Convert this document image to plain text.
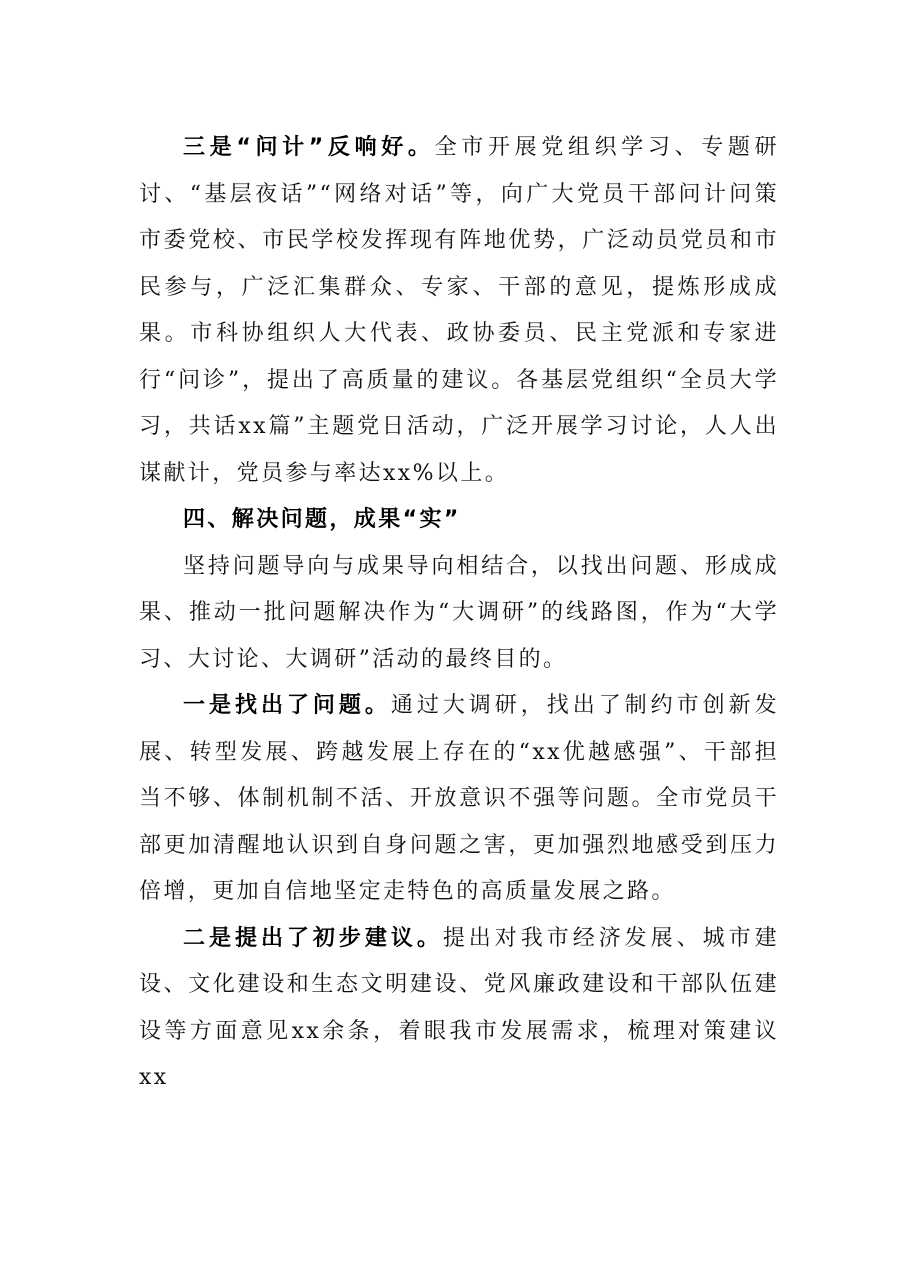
三是“问计”反响好。全市开展党组织学习、专题研讨、“基层夜话”“网络对话”等，向广大党员干部问计问策市委党校、市民学校发挥现有阵地优势，广泛动员党员和市民参与，广泛汇集群众、专家、干部的意见，提炼形成成果。市科协组织人大代表、政协委员、民主党派和专家进行“问诊”，提出了高质量的建议。各基层党组织“全员大学习，共话xx篇”主题党日活动，广泛开展学习讨论，人人出谋献计，党员参与率达xx%以上。

四、解决问题，成果“实”

坚持问题导向与成果导向相结合，以找出问题、形成成果、推动一批问题解决作为“大调研”的线路图，作为“大学习、大讨论、大调研”活动的最终目的。

一是找出了问题。通过大调研，找出了制约市创新发展、转型发展、跨越发展上存在的“xx优越感强”、干部担当不够、体制机制不活、开放意识不强等问题。全市党员干部更加清醒地认识到自身问题之害，更加强烈地感受到压力倍增，更加自信地坚定走特色的高质量发展之路。

二是提出了初步建议。提出对我市经济发展、城市建设、文化建设和生态文明建设、党风廉政建设和干部队伍建设等方面意见xx余条，着眼我市发展需求，梳理对策建议xx
